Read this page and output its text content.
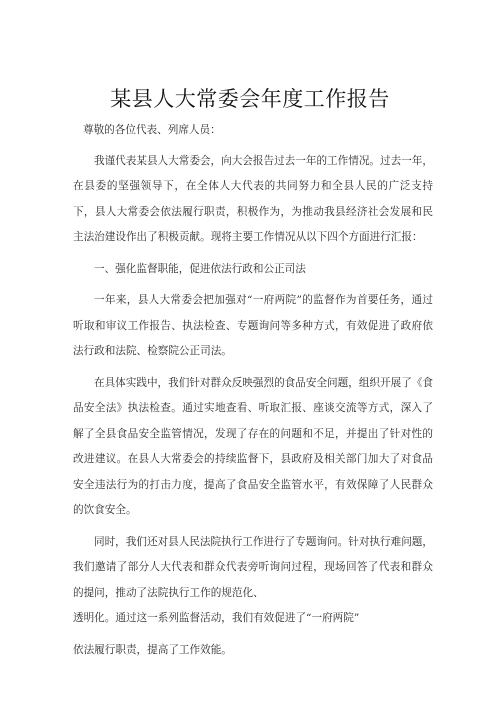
某县人大常委会年度工作报告

尊敬的各位代表、列席人员：

我谨代表某县人大常委会，向大会报告过去一年的工作情况。过去一年，在县委的坚强领导下，在全体人大代表的共同努力和全县人民的广泛支持下，县人大常委会依法履行职责，积极作为，为推动我县经济社会发展和民主法治建设作出了积极贡献。现将主要工作情况从以下四个方面进行汇报：

一、强化监督职能，促进依法行政和公正司法

一年来，县人大常委会把加强对“一府两院”的监督作为首要任务，通过听取和审议工作报告、执法检查、专题询问等多种方式，有效促进了政府依法行政和法院、检察院公正司法。

在具体实践中，我们针对群众反映强烈的食品安全问题，组织开展了《食品安全法》执法检查。通过实地查看、听取汇报、座谈交流等方式，深入了解了全县食品安全监管情况，发现了存在的问题和不足，并提出了针对性的改进建议。在县人大常委会的持续监督下，县政府及相关部门加大了对食品安全违法行为的打击力度，提高了食品安全监管水平，有效保障了人民群众的饮食安全。

同时，我们还对县人民法院执行工作进行了专题询问。针对执行难问题，我们邀请了部分人大代表和群众代表旁听询问过程，现场回答了代表和群众的提问，推动了法院执行工作的规范化、

透明化。通过这一系列监督活动，我们有效促进了“一府两院”

依法履行职责，提高了工作效能。
